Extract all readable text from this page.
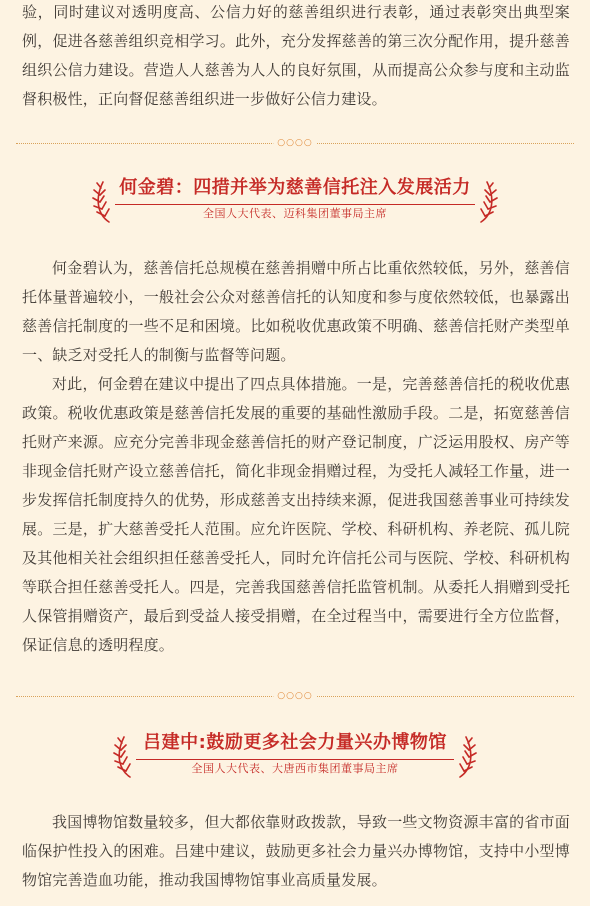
验，同时建议对透明度高、公信力好的慈善组织进行表彰，通过表彰突出典型案例，促进各慈善组织竞相学习。此外，充分发挥慈善的第三次分配作用，提升慈善组织公信力建设。营造人人慈善为人人的良好氛围，从而提高公众参与度和主动监督积极性，正向督促慈善组织进一步做好公信力建设。

○○○○
何金碧：四措并举为慈善信托注入发展活力
全国人大代表、迈科集团董事局主席

何金碧认为，慈善信托总规模在慈善捐赠中所占比重依然较低，另外，慈善信托体量普遍较小，一般社会公众对慈善信托的认知度和参与度依然较低，也暴露出慈善信托制度的一些不足和困境。比如税收优惠政策不明确、慈善信托财产类型单一、缺乏对受托人的制衡与监督等问题。

对此，何金碧在建议中提出了四点具体措施。一是，完善慈善信托的税收优惠政策。税收优惠政策是慈善信托发展的重要的基础性激励手段。二是，拓宽慈善信托财产来源。应充分完善非现金慈善信托的财产登记制度，广泛运用股权、房产等非现金信托财产设立慈善信托，简化非现金捐赠过程，为受托人减轻工作量，进一步发挥信托制度持久的优势，形成慈善支出持续来源，促进我国慈善事业可持续发展。三是，扩大慈善受托人范围。应允许医院、学校、科研机构、养老院、孤儿院及其他相关社会组织担任慈善受托人，同时允许信托公司与医院、学校、科研机构等联合担任慈善受托人。四是，完善我国慈善信托监管机制。从委托人捐赠到受托人保管捐赠资产，最后到受益人接受捐赠，在全过程当中，需要进行全方位监督，保证信息的透明程度。

○○○○
吕建中:鼓励更多社会力量兴办博物馆
全国人大代表、大唐西市集团董事局主席

我国博物馆数量较多，但大都依靠财政拨款，导致一些文物资源丰富的省市面临保护性投入的困难。吕建中建议，鼓励更多社会力量兴办博物馆，支持中小型博物馆完善造血功能，推动我国博物馆事业高质量发展。
